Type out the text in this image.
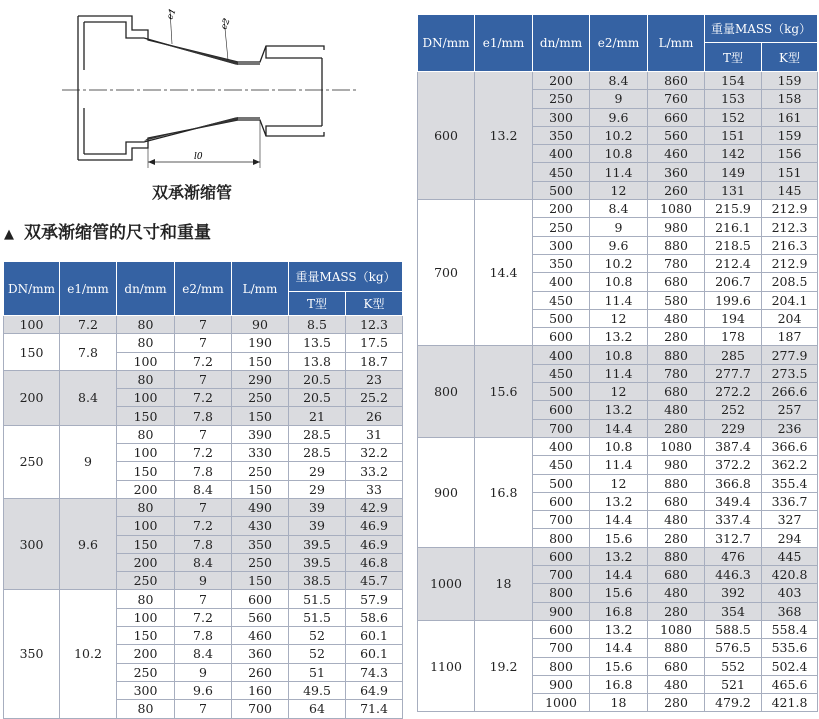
l0
e1
e2
双承渐缩管
▲ 双承渐缩管的尺寸和重量
DN/mm	e1/mm	dn/mm	e2/mm	L/mm	重量MASS（kg）	
					T型	K型
100	7.2	80	7	90	8.5	12.3
150	7.8	80	7	190	13.5	17.5
		100	7.2	150	13.8	18.7
200	8.4	80	7	290	20.5	23
		100	7.2	250	20.5	25.2
		150	7.8	150	21	26
250	9	80	7	390	28.5	31
		100	7.2	330	28.5	32.2
		150	7.8	250	29	33.2
		200	8.4	150	29	33
300	9.6	80	7	490	39	42.9
		100	7.2	430	39	46.9
		150	7.8	350	39.5	46.9
		200	8.4	250	39.5	46.8
		250	9	150	38.5	45.7
350	10.2	80	7	600	51.5	57.9
		100	7.2	560	51.5	58.6
		150	7.8	460	52	60.1
		200	8.4	360	52	60.1
		250	9	260	51	74.3
		300	9.6	160	49.5	64.9
		80	7	700	64	71.4
DN/mm	e1/mm	dn/mm	e2/mm	L/mm	重量MASS（kg）	
					T型	K型
600	13.2	200	8.4	860	154	159
		250	9	760	153	158
		300	9.6	660	152	161
		350	10.2	560	151	159
		400	10.8	460	142	156
		450	11.4	360	149	151
		500	12	260	131	145
700	14.4	200	8.4	1080	215.9	212.9
		250	9	980	216.1	212.3
		300	9.6	880	218.5	216.3
		350	10.2	780	212.4	212.9
		400	10.8	680	206.7	208.5
		450	11.4	580	199.6	204.1
		500	12	480	194	204
		600	13.2	280	178	187
800	15.6	400	10.8	880	285	277.9
		450	11.4	780	277.7	273.5
		500	12	680	272.2	266.6
		600	13.2	480	252	257
		700	14.4	280	229	236
900	16.8	400	10.8	1080	387.4	366.6
		450	11.4	980	372.2	362.2
		500	12	880	366.8	355.4
		600	13.2	680	349.4	336.7
		700	14.4	480	337.4	327
		800	15.6	280	312.7	294
1000	18	600	13.2	880	476	445
		700	14.4	680	446.3	420.8
		800	15.6	480	392	403
		900	16.8	280	354	368
1100	19.2	600	13.2	1080	588.5	558.4
		700	14.4	880	576.5	535.6
		800	15.6	680	552	502.4
		900	16.8	480	521	465.6
		1000	18	280	479.2	421.8
